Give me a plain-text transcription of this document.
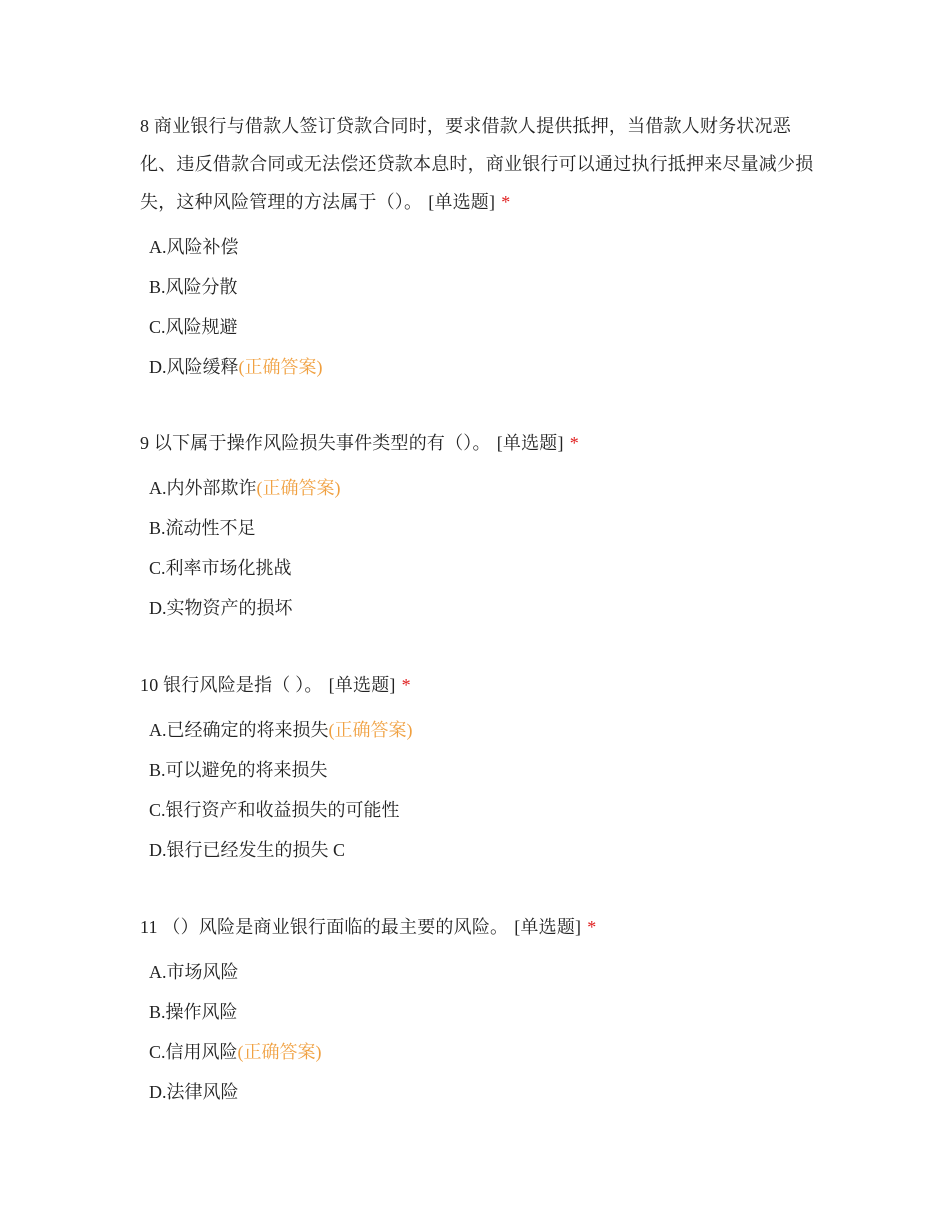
8 商业银行与借款人签订贷款合同时，要求借款人提供抵押，当借款人财务状况恶化、违反借款合同或无法偿还贷款本息时，商业银行可以通过执行抵押来尽量减少损失，这种风险管理的方法属于（）。 [单选题] *

A.风险补偿
B.风险分散
C.风险规避
D.风险缓释(正确答案)

9 以下属于操作风险损失事件类型的有（）。 [单选题] *

A.内外部欺诈(正确答案)
B.流动性不足
C.利率市场化挑战
D.实物资产的损坏

10 银行风险是指（ ）。 [单选题] *

A.已经确定的将来损失(正确答案)
B.可以避免的将来损失
C.银行资产和收益损失的可能性
D.银行已经发生的损失 C

11 （）风险是商业银行面临的最主要的风险。 [单选题] *

A.市场风险
B.操作风险
C.信用风险(正确答案)
D.法律风险
